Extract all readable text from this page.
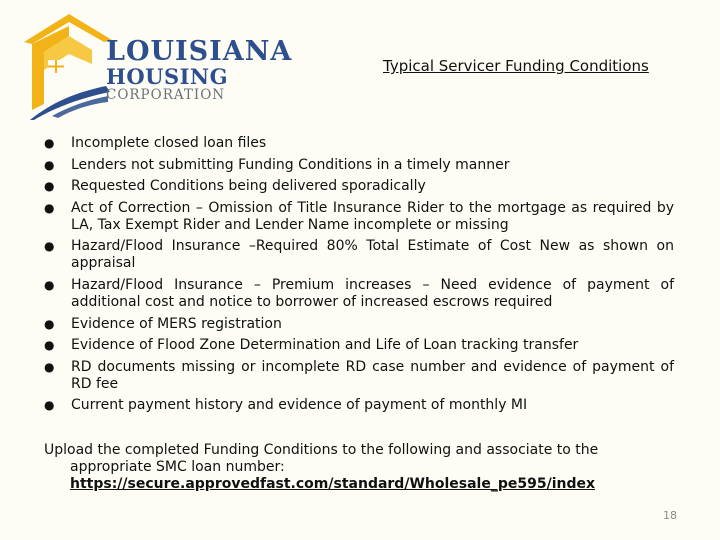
LOUISIANA
HOUSING
CORPORATION
Typical Servicer Funding Conditions
● Incomplete closed loan files
● Lenders not submitting Funding Conditions in a timely manner
● Requested Conditions being delivered sporadically
● Act of Correction – Omission of Title Insurance Rider to the mortgage as required by LA, Tax Exempt Rider and Lender Name incomplete or missing
● Hazard/Flood Insurance –Required 80% Total Estimate of Cost New as shown on appraisal
● Hazard/Flood Insurance – Premium increases – Need evidence of payment of additional cost and notice to borrower of increased escrows required
● Evidence of MERS registration
● Evidence of Flood Zone Determination and Life of Loan tracking transfer
● RD documents missing or incomplete RD case number and evidence of payment of RD fee
● Current payment history and evidence of payment of monthly MI
Upload the completed Funding Conditions to the following and associate to the
appropriate SMC loan number:
https://secure.approvedfast.com/standard/Wholesale_pe595/index
18
